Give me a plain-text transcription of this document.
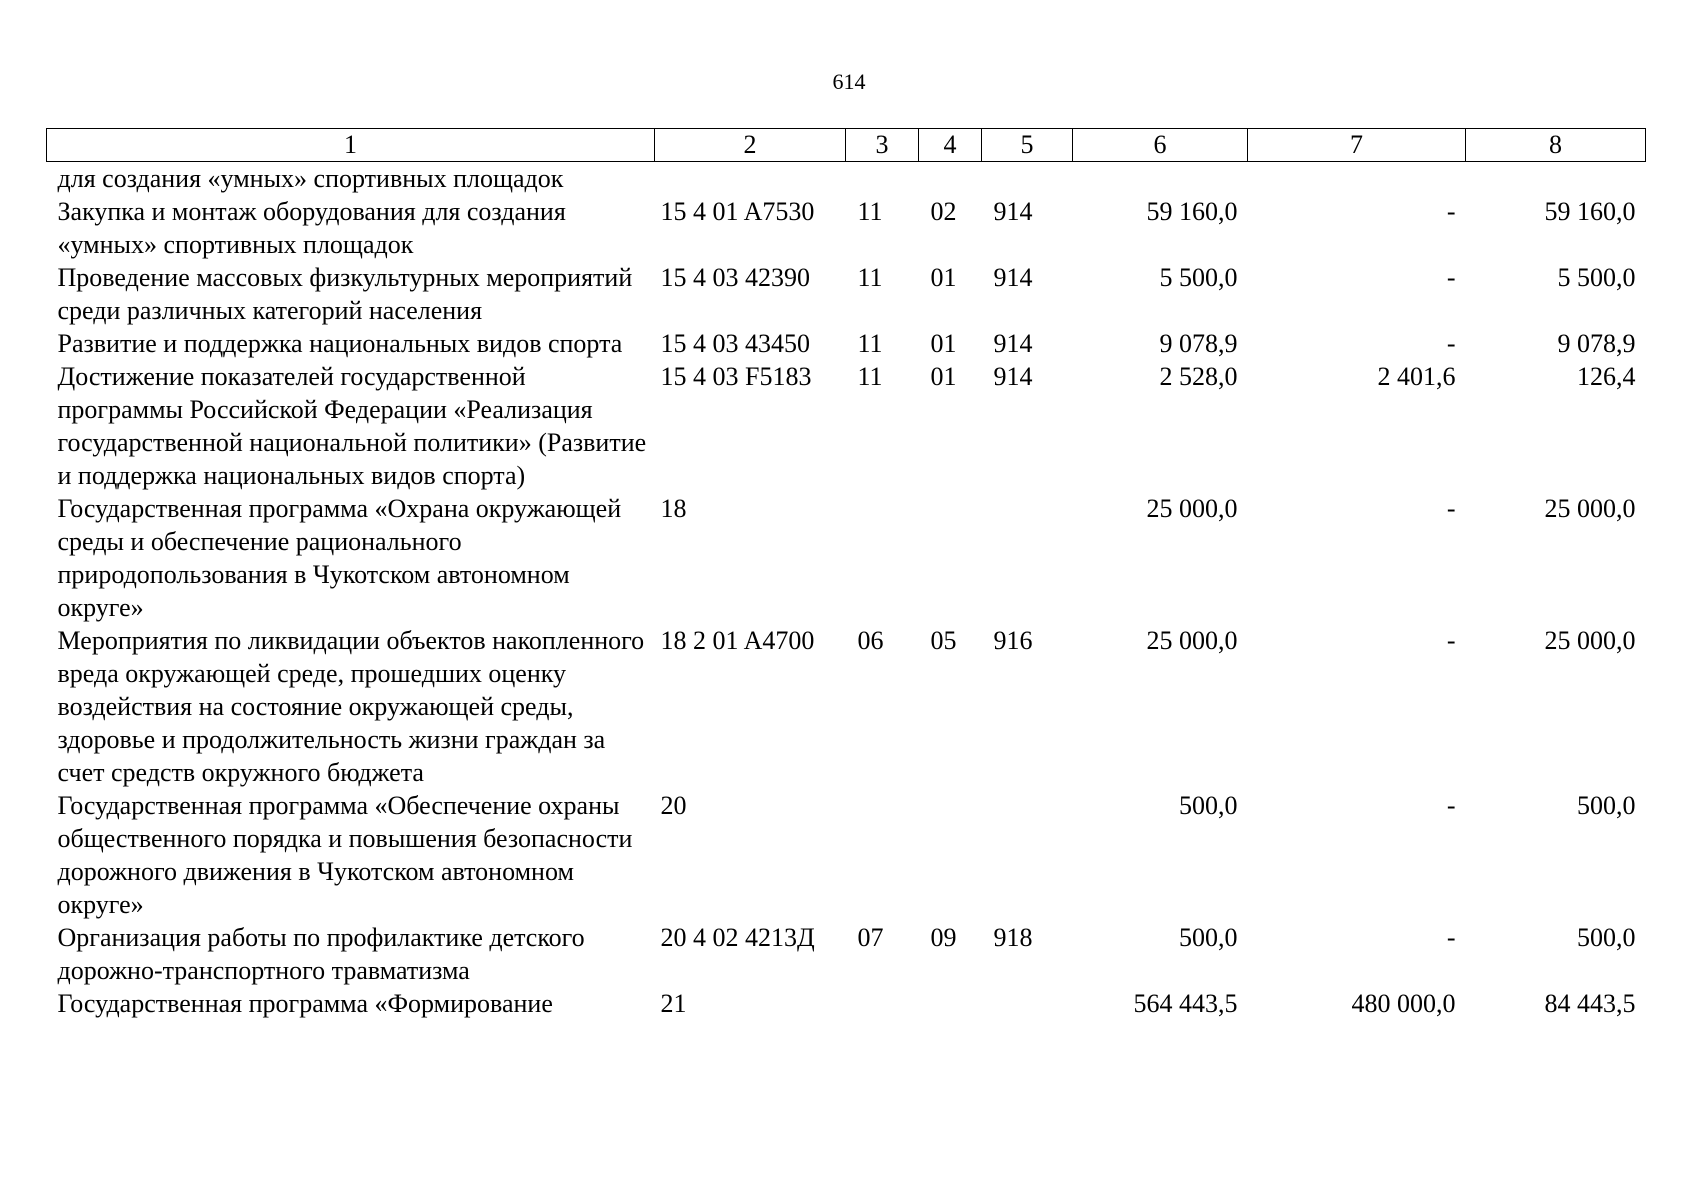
614
1	2	3	4	5	6	7	8
для создания «умных» спортивных площадок							
Закупка и монтаж оборудования для создания «умных» спортивных площадок	15 4 01 A7530	11	02	914	59 160,0	-	59 160,0
Проведение массовых физкультурных мероприятий среди различных категорий населения	15 4 03 42390	11	01	914	5 500,0	-	5 500,0
Развитие и поддержка национальных видов спорта	15 4 03 43450	11	01	914	9 078,9	-	9 078,9
Достижение показателей государственной программы Российской Федерации «Реализация государственной национальной политики» (Развитие и поддержка национальных видов спорта)	15 4 03 F5183	11	01	914	2 528,0	2 401,6	126,4
Государственная программа «Охрана окружающей среды и обеспечение рационального природопользования в Чукотском автономном округе»	18				25 000,0	-	25 000,0
Мероприятия по ликвидации объектов накопленного вреда окружающей среде, прошедших оценку воздействия на состояние окружающей среды, здоровье и продолжительность жизни граждан за счет средств окружного бюджета	18 2 01 A4700	06	05	916	25 000,0	-	25 000,0
Государственная программа «Обеспечение охраны общественного порядка и повышения безопасности дорожного движения в Чукотском автономном округе»	20				500,0	-	500,0
Организация работы по профилактике детского дорожно-транспортного травматизма	20 4 02 4213Д	07	09	918	500,0	-	500,0
Государственная программа «Формирование	21				564 443,5	480 000,0	84 443,5
